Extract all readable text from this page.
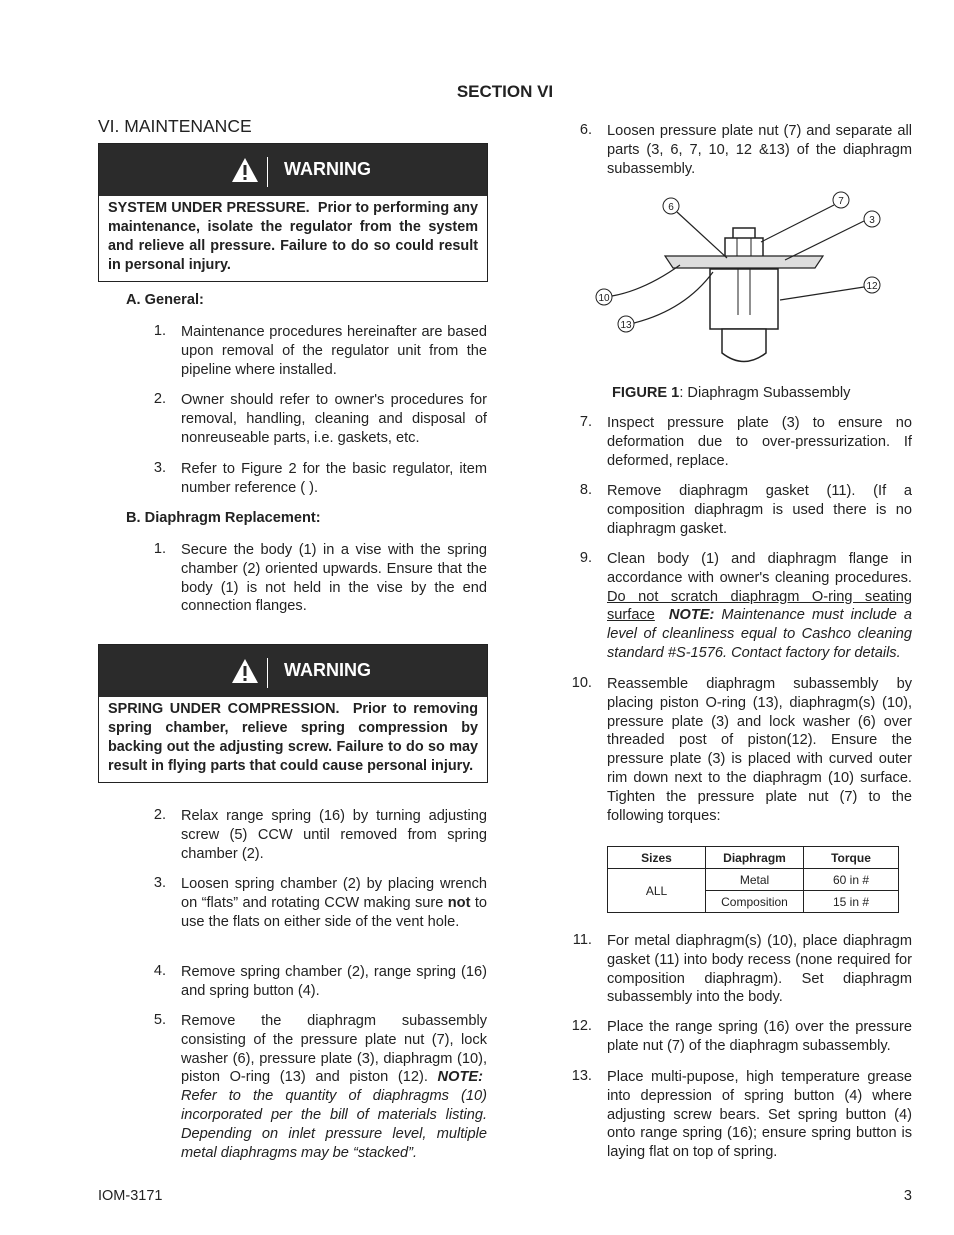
SECTION VI
VI. MAINTENANCE
WARNING
SYSTEM UNDER PRESSURE. Prior to performing any maintenance, isolate the regulator from the system and relieve all pressure. Failure to do so could result in personal injury.
A. General:
1. Maintenance procedures hereinafter are based upon removal of the regulator unit from the pipeline where installed.
2. Owner should refer to owner's procedures for removal, handling, cleaning and disposal of nonreuseable parts, i.e. gaskets, etc.
3. Refer to Figure 2 for the basic regulator, item number reference ( ).
B. Diaphragm Replacement:
1. Secure the body (1) in a vise with the spring chamber (2) oriented upwards. Ensure that the body (1) is not held in the vise by the end connection flanges.
WARNING
SPRING UNDER COMPRESSION. Prior to removing spring chamber, relieve spring compression by backing out the adjusting screw. Failure to do so may result in flying parts that could cause personal injury.
2. Relax range spring (16) by turning adjusting screw (5) CCW until removed from spring chamber (2).
3. Loosen spring chamber (2) by placing wrench on “flats” and rotating CCW making sure not to use the flats on either side of the vent hole.
4. Remove spring chamber (2), range spring (16) and spring button (4).
5. Remove the diaphragm subassembly consisting of the pressure plate nut (7), lock washer (6), pressure plate (3), diaphragm (10), piston O-ring (13) and piston (12). NOTE:  Refer to the quantity of diaphragms (10) incorporated per the bill of materials listing. Depending on inlet pressure level, multiple metal diaphragms may be “stacked”.
6. Loosen pressure plate nut (7) and separate all parts (3, 6, 7, 10, 12 &13) of the diaphragm subassembly.
6
7
3
12
10
13
FIGURE 1: Diaphragm Subassembly
7. Inspect pressure plate (3) to ensure no deformation due to over-pressurization. If deformed, replace.
8. Remove diaphragm gasket (11). (If a composition diaphragm is used there is no diaphragm gasket.
9. Clean body (1) and diaphragm flange in accordance with owner's cleaning procedures. Do not scratch diaphragm O-ring seating surface NOTE: Maintenance must include a level of cleanliness equal to Cashco cleaning standard #S-1576. Contact factory for details.
10. Reassemble diaphragm subassembly by placing piston O-ring (13), diaphragm(s) (10), pressure plate (3) and lock washer (6) over threaded post of piston(12). Ensure the pressure plate (3) is placed with curved outer rim down next to the diaphragm (10) surface. Tighten the pressure plate nut (7) to the following torques:
Sizes	Diaphragm	Torque
ALL	Metal	60 in #
	Composition	15 in #
11. For metal diaphragm(s) (10), place diaphragm gasket (11) into body recess (none required for composition diaphragm). Set diaphragm subassembly into the body.
12. Place the range spring (16) over the pressure plate nut (7) of the diaphragm subassembly.
13. Place multi-pupose, high temperature grease into depression of spring button (4) where adjusting screw bears. Set spring button (4) onto range spring (16); ensure spring button is laying flat on top of spring.
IOM-3171	3
